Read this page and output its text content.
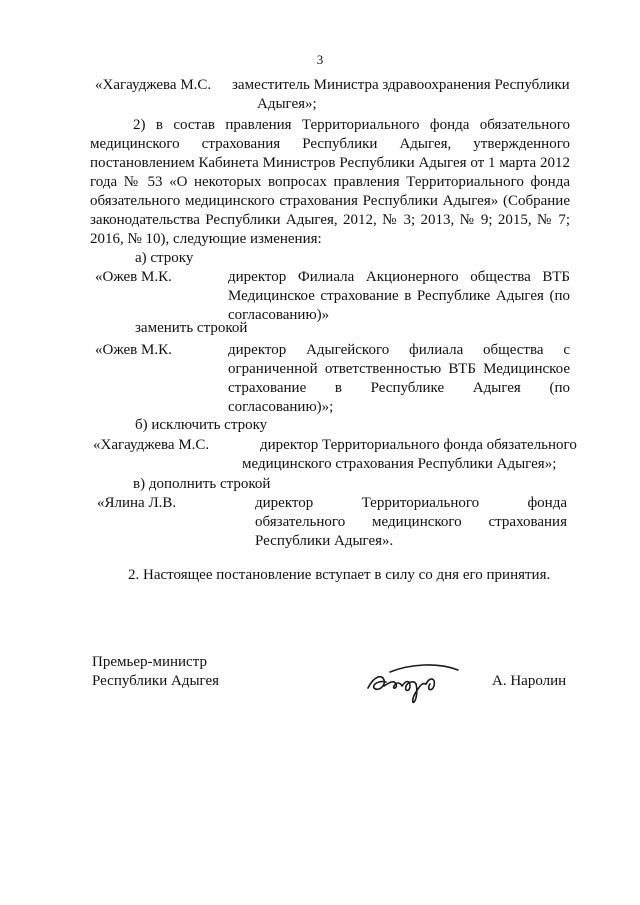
3
«Хагауджева М.С. заместитель Министра здравоохранения Республики
Адыгея»;
2) в состав правления Территориального фонда обязательного
медицинского страхования Республики Адыгея, утвержденного
постановлением Кабинета Министров Республики Адыгея от 1 марта 2012
года № 53 «О некоторых вопросах правления Территориального фонда
обязательного медицинского страхования Республики Адыгея» (Собрание
законодательства Республики Адыгея, 2012, № 3; 2013, № 9; 2015, № 7;
2016, № 10), следующие изменения:
а) строку
«Ожев М.К.	директор Филиала Акционерного общества ВТБ
Медицинское страхование в Республике Адыгея (по
согласованию)»
заменить строкой
«Ожев М.К.	директор Адыгейского филиала общества с
ограниченной ответственностью ВТБ Медицинское
страхование в Республике Адыгея (по
согласованию)»;
б) исключить строку
«Хагауджева М.С.	директор Территориального фонда обязательного
медицинского страхования Республики Адыгея»;
в) дополнить строкой
«Ялина Л.В.	директор Территориального фонда
обязательного медицинского страхования
Республики Адыгея».
2. Настоящее постановление вступает в силу со дня его принятия.
Премьер-министр
Республики Адыгея	А. Наролин
